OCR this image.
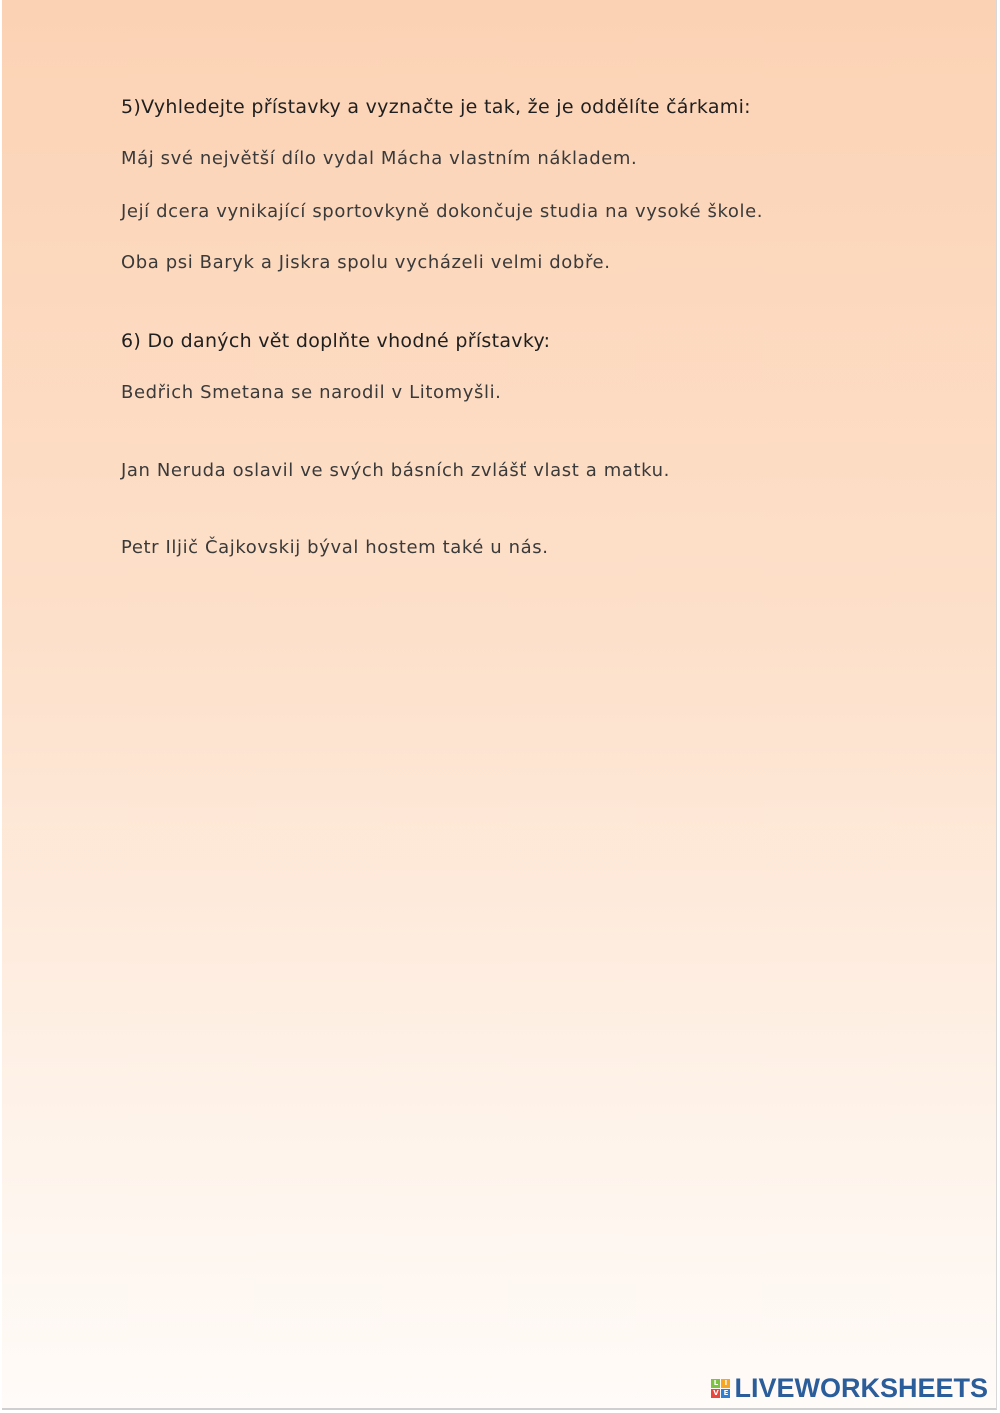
5)Vyhledejte přístavky a vyznačte je tak, že je oddělíte čárkami:

Máj své největší dílo vydal Mácha vlastním nákladem.

Její dcera vynikající sportovkyně dokončuje studia na vysoké škole.

Oba psi Baryk a Jiskra spolu vycházeli velmi dobře.

6) Do daných vět doplňte vhodné přístavky:

Bedřich Smetana se narodil v Litomyšli.

Jan Neruda oslavil ve svých básních zvlášť vlast a matku.

Petr Iljič Čajkovskij býval hostem také u nás.

L I
V E LIVEWORKSHEETS
